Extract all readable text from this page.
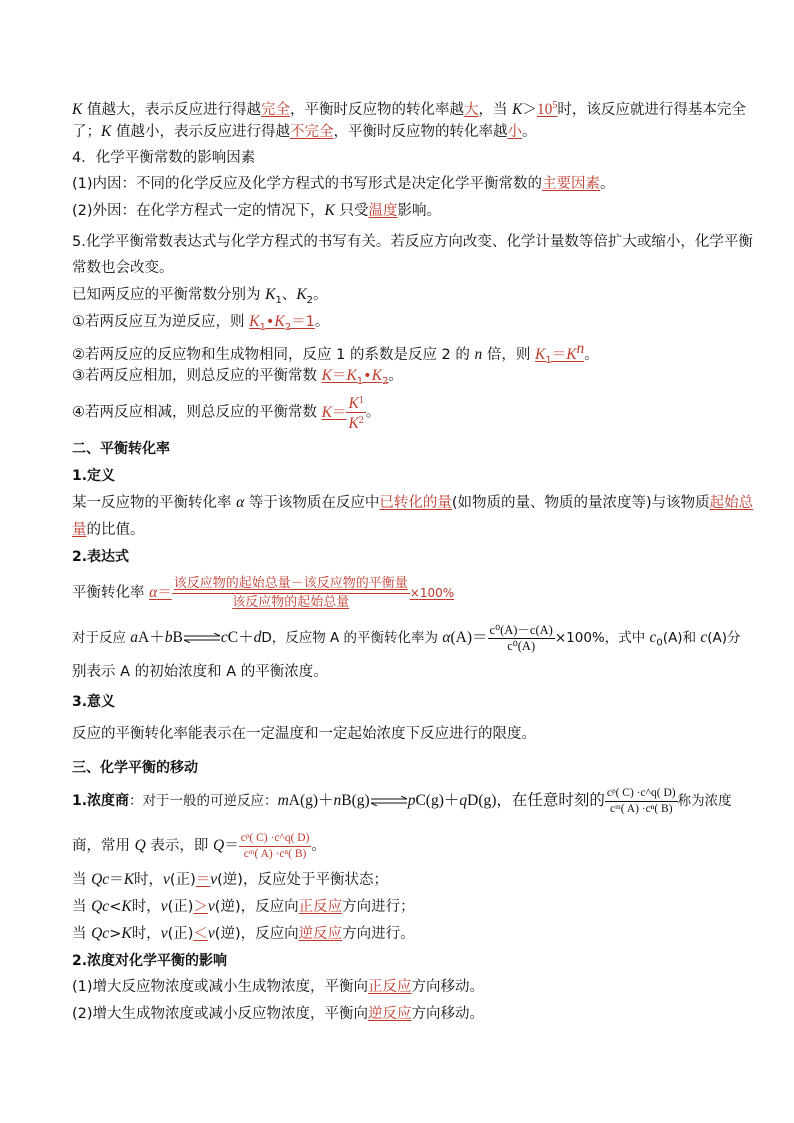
K 值越大，表示反应进行得越完全，平衡时反应物的转化率越大，当 $K>10^5$时，该反应就进行得基本完全
了；K 值越小，表示反应进行得越不完全，平衡时反应物的转化率越小。
4．化学平衡常数的影响因素
(1)内因：不同的化学反应及化学方程式的书写形式是决定化学平衡常数的主要因素。
(2)外因：在化学方程式一定的情况下，K 只受温度影响。
5.化学平衡常数表达式与化学方程式的书写有关。若反应方向改变、化学计量数等倍扩大或缩小，化学平衡
常数也会改变。
已知两反应的平衡常数分别为 $K_1$、$K_2$。
①若两反应互为逆反应，则 $K_1•K_2=1$。
②若两反应的反应物和生成物相同，反应 1 的系数是反应 2 的 n 倍，则 $K_1=K^n$。
③若两反应相加，则总反应的平衡常数 $K=K_1•K_2$。
④若两反应相减，则总反应的平衡常数 $K= \frac{K^1}{K^2}$ 。
二、平衡转化率
1.定义
某一反应物的平衡转化率 α 等于该物质在反应中已转化的量(如物质的量、物质的量浓度等)与该物质起始总
量的比值。
2.表达式
平衡转化率 $\alpha= \frac{\text{该反应物的起始总量－该反应物的平衡量}}{\text{该反应物的起始总量}} \times 100\%$
对于反应 aA＋bB⇌cC＋dD，反应物 A 的平衡转化率为 $\alpha(A)= \frac{\text{c⁰(A)－c(A)}}{\text{c⁰(A)}} \times 100\%$，式中 $c_0(A)$和 c(A)分
别表示 A 的初始浓度和 A 的平衡浓度。
3.意义
反应的平衡转化率能表示在一定温度和一定起始浓度下反应进行的限度。
三、化学平衡的移动
1.浓度商：对于一般的可逆反应：mA(g)＋nB(g)⇌pC(g)＋qD(g)，在任意时刻的 $\frac{\text{cᵖ( C) ·c\textasciicircum{}q( D)}}{\text{cᵐ( A) ·cⁿ( B)}}$ 称为浓度
商，常用 Q 表示，即 $Q= \frac{\text{cᵖ( C) ·c\textasciicircum{}q( D)}}{\text{cᵐ( A) ·cⁿ( B)}}$ 。
当 Qc＝K时，v(正)＝v(逆)，反应处于平衡状态；
当 Qc<K时，v(正)＞v(逆)，反应向正反应方向进行；
当 Qc>K时，v(正)＜v(逆)，反应向逆反应方向进行。
2.浓度对化学平衡的影响
(1)增大反应物浓度或减小生成物浓度，平衡向正反应方向移动。
(2)增大生成物浓度或减小反应物浓度，平衡向逆反应方向移动。
